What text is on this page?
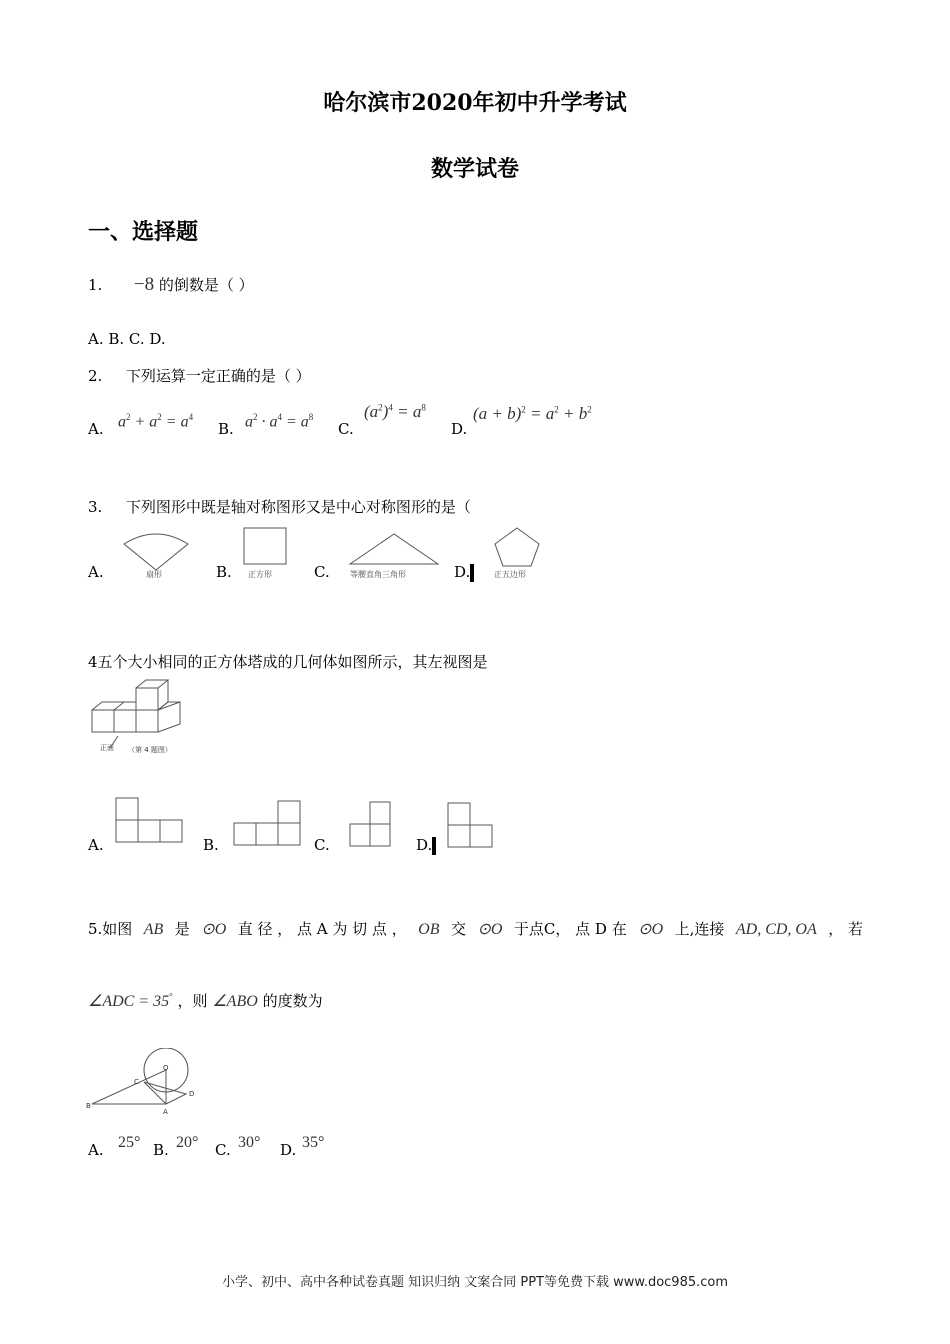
哈尔滨市2020年初中升学考试
数学试卷
一、选择题
1. −8 的倒数是（ ）
A. B. C. D.
2. 下列运算一定正确的是（ ）
A. $a^2 + a^2 = a^4$
B. $a^2 \cdot a^4 = a^8$
C.
$(a^2)^4 = a^8$
D.
$(a + b)^2 = a^2 + b^2$
3. 下列图形中既是轴对称图形又是中心对称图形的是（
A.	扇形	B. 正方形	C.	等腰直角三角形	D.	正五边形
4五个大小相同的正方体塔成的几何体如图所示，其左视图是
正面 （第 4 题图）
A.	B.	C.	D.
5.如图 AB 是 ⊙O 直 径 ， 点 A 为 切 点 ， OB 交 ⊙O 于点C， 点 D 在 ⊙O 上,连接 AD, CD, OA ， 若
∠ADC = 35° ，则 ∠ABO 的度数为
O
C
D
B
A
A. 25° B. 20° C. 30° D. 35°
小学、初中、高中各种试卷真题 知识归纳 文案合同 PPT等免费下载 www.doc985.com
